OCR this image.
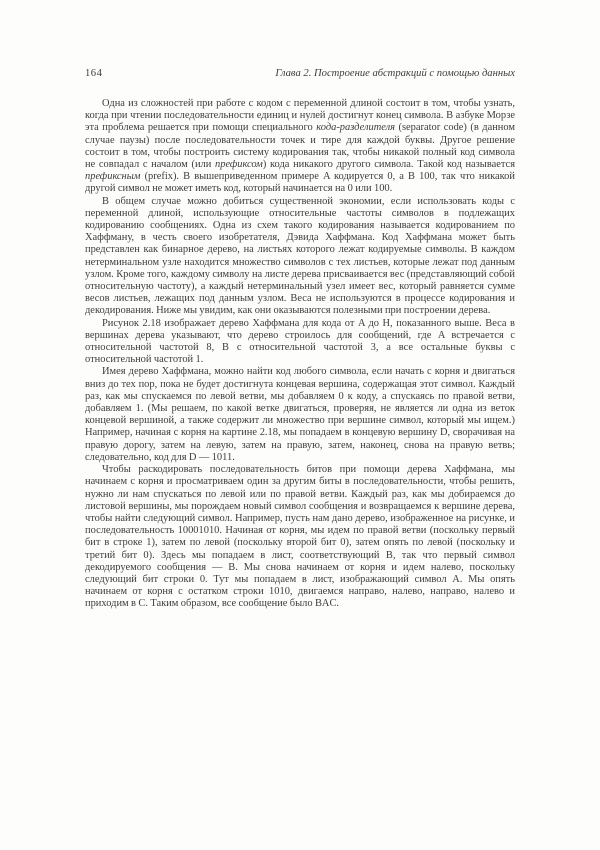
164	Глава 2. Построение абстракций с помощью данных

Одна из сложностей при работе с кодом с переменной длиной состоит в том, чтобы узнать, когда при чтении последовательности единиц и нулей достигнут конец символа. В азбуке Морзе эта проблема решается при помощи специального кода-разделителя (separator code) (в данном случае паузы) после последовательности точек и тире для каждой буквы. Другое решение состоит в том, чтобы построить систему кодирования так, чтобы никакой полный код символа не совпадал с началом (или префиксом) кода никакого другого символа. Такой код называется префиксным (prefix). В вышеприведенном примере A кодируется 0, а B 100, так что никакой другой символ не может иметь код, который начинается на 0 или 100.

В общем случае можно добиться существенной экономии, если использовать коды с переменной длиной, использующие относительные частоты символов в подлежащих кодированию сообщениях. Одна из схем такого кодирования называется кодированием по Хаффману, в честь своего изобретателя, Дэвида Хаффмана. Код Хаффмана может быть представлен как бинарное дерево, на листьях которого лежат кодируемые символы. В каждом нетерминальном узле находится множество символов с тех листьев, которые лежат под данным узлом. Кроме того, каждому символу на листе дерева присваивается вес (представляющий собой относительную частоту), а каждый нетерминальный узел имеет вес, который равняется сумме весов листьев, лежащих под данным узлом. Веса не используются в процессе кодирования и декодирования. Ниже мы увидим, как они оказываются полезными при построении дерева.

Рисунок 2.18 изображает дерево Хаффмана для кода от A до H, показанного выше. Веса в вершинах дерева указывают, что дерево строилось для сообщений, где A встречается с относительной частотой 8, B с относительной частотой 3, а все остальные буквы с относительной частотой 1.

Имея дерево Хаффмана, можно найти код любого символа, если начать с корня и двигаться вниз до тех пор, пока не будет достигнута концевая вершина, содержащая этот символ. Каждый раз, как мы спускаемся по левой ветви, мы добавляем 0 к коду, а спускаясь по правой ветви, добавляем 1. (Мы решаем, по какой ветке двигаться, проверяя, не является ли одна из веток концевой вершиной, а также содержит ли множество при вершине символ, который мы ищем.) Например, начиная с корня на картине 2.18, мы попадаем в концевую вершину D, сворачивая на правую дорогу, затем на левую, затем на правую, затем, наконец, снова на правую ветвь; следовательно, код для D — 1011.

Чтобы раскодировать последовательность битов при помощи дерева Хаффмана, мы начинаем с корня и просматриваем один за другим биты в последовательности, чтобы решить, нужно ли нам спускаться по левой или по правой ветви. Каждый раз, как мы добираемся до листовой вершины, мы порождаем новый символ сообщения и возвращаемся к вершине дерева, чтобы найти следующий символ. Например, пусть нам дано дерево, изображенное на рисунке, и последовательность 10001010. Начиная от корня, мы идем по правой ветви (поскольку первый бит в строке 1), затем по левой (поскольку второй бит 0), затем опять по левой (поскольку и третий бит 0). Здесь мы попадаем в лист, соответствующий B, так что первый символ декодируемого сообщения — B. Мы снова начинаем от корня и идем налево, поскольку следующий бит строки 0. Тут мы попадаем в лист, изображающий символ A. Мы опять начинаем от корня с остатком строки 1010, двигаемся направо, налево, направо, налево и приходим в C. Таким образом, все сообщение было BAC.
